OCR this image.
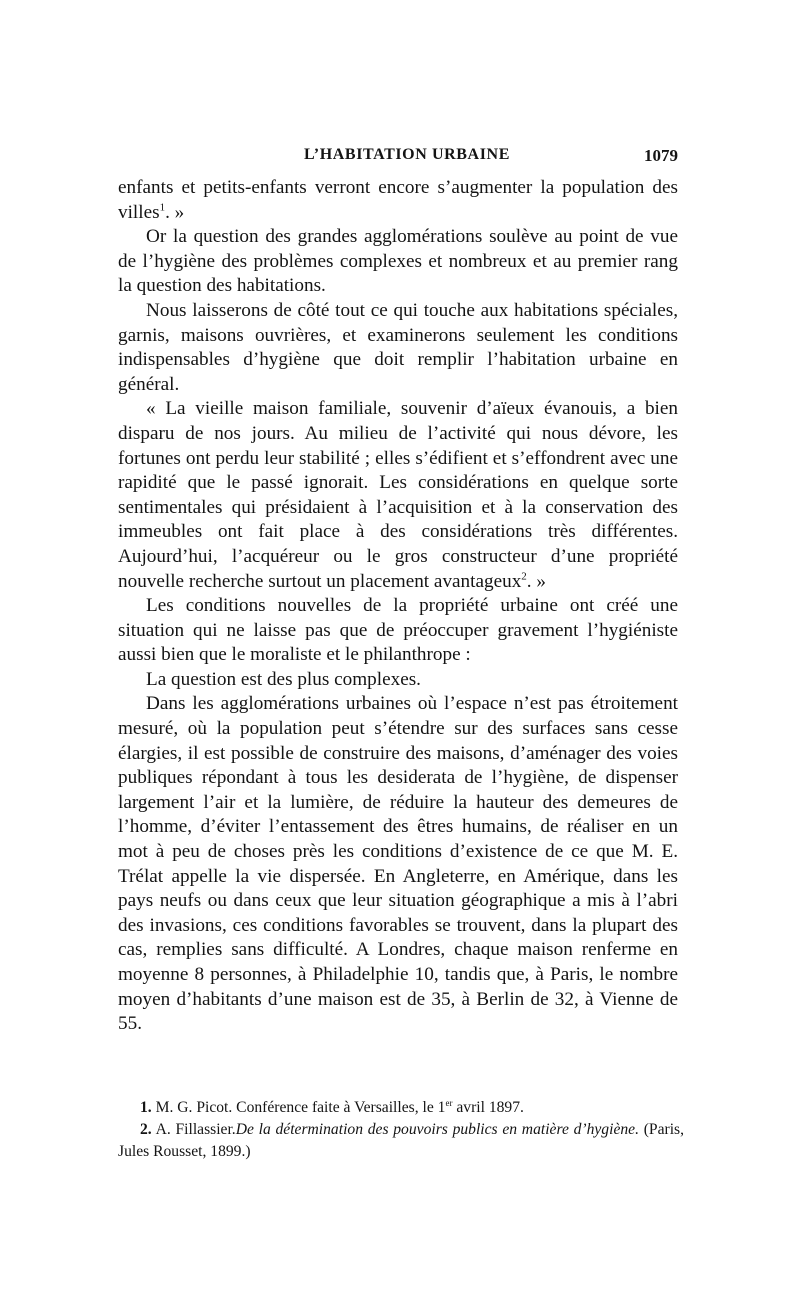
L’HABITATION URBAINE	1079

enfants et petits-enfants verront encore s’augmenter la population des villes$^1$. »

Or la question des grandes agglomérations soulève au point de vue de l’hygiène des problèmes complexes et nombreux et au premier rang la question des habitations.

Nous laisserons de côté tout ce qui touche aux habitations spéciales, garnis, maisons ouvrières, et examinerons seulement les conditions indispensables d’hygiène que doit remplir l’habitation urbaine en général.

« La vieille maison familiale, souvenir d’aïeux évanouis, a bien disparu de nos jours. Au milieu de l’activité qui nous dévore, les fortunes ont perdu leur stabilité ; elles s’édifient et s’effondrent avec une rapidité que le passé ignorait. Les considérations en quelque sorte sentimentales qui présidaient à l’acquisition et à la conservation des immeubles ont fait place à des considérations très différentes. Aujourd’hui, l’acquéreur ou le gros constructeur d’une propriété nouvelle recherche surtout un placement avantageux$^2$. »

Les conditions nouvelles de la propriété urbaine ont créé une situation qui ne laisse pas que de préoccuper gravement l’hygiéniste aussi bien que le moraliste et le philanthrope :

La question est des plus complexes.

Dans les agglomérations urbaines où l’espace n’est pas étroitement mesuré, où la population peut s’étendre sur des surfaces sans cesse élargies, il est possible de construire des maisons, d’aménager des voies publiques répondant à tous les desiderata de l’hygiène, de dispenser largement l’air et la lumière, de réduire la hauteur des demeures de l’homme, d’éviter l’entassement des êtres humains, de réaliser en un mot à peu de choses près les conditions d’existence de ce que M. E. Trélat appelle la vie dispersée. En Angleterre, en Amérique, dans les pays neufs ou dans ceux que leur situation géographique a mis à l’abri des invasions, ces conditions favorables se trouvent, dans la plupart des cas, remplies sans difficulté. A Londres, chaque maison renferme en moyenne 8 personnes, à Philadelphie 10, tandis que, à Paris, le nombre moyen d’habitants d’une maison est de 35, à Berlin de 32, à Vienne de 55.

1. M. G. Picot. Conférence faite à Versailles, le 1er avril 1897.

2. A. Fillassier.De la détermination des pouvoirs publics en matière d’hygiène. (Paris, Jules Rousset, 1899.)
